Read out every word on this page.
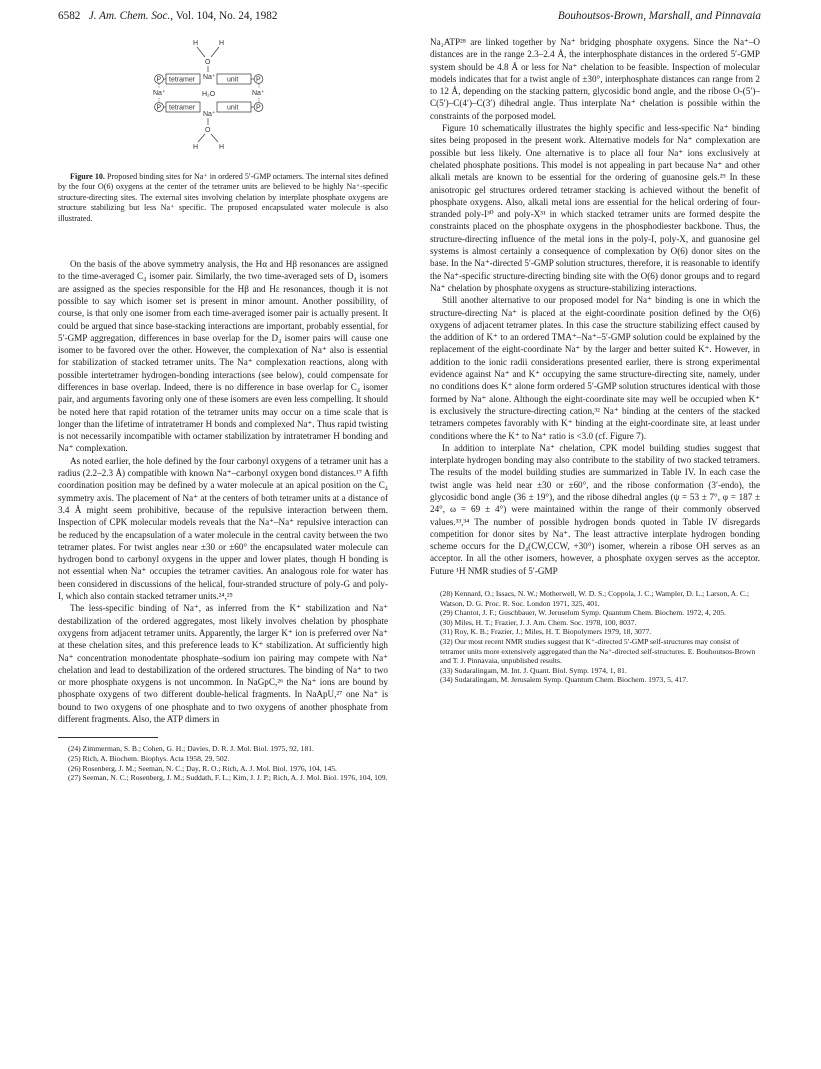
6582 J. Am. Chem. Soc., Vol. 104, No. 24, 1982	Bouhoutsos-Brown, Marshall, and Pinnavaia
H	H
O
Na⁺
P tetramer	unit	P
Na⁺	Na⁺
H₂O
P tetramer	unit	P
Na⁺
O
H	H

Figure 10. Proposed binding sites for Na⁺ in ordered 5′-GMP octamers. The internal sites defined by the four O(6) oxygens at the center of the tetramer units are believed to be highly Na⁺-specific structure-directing sites. The external sites involving chelation by interplate phosphate oxygens are structure stabilizing but less Na⁺ specific. The proposed encapsulated water molecule is also illustrated.

On the basis of the above symmetry analysis, the Hα and Hβ resonances are assigned to the time-averaged C₄ isomer pair. Similarly, the two time-averaged sets of D₄ isomers are assigned as the species responsible for the Hβ and Hε resonances, though it is not possible to say which isomer set is present in minor amount. Another possibility, of course, is that only one isomer from each time-averaged isomer pair is actually present. It could be argued that since base-stacking interactions are important, probably essential, for 5′-GMP aggregation, differences in base overlap for the D₄ isomer pairs will cause one isomer to be favored over the other. However, the complexation of Na⁺ also is essential for stabilization of stacked tetramer units. The Na⁺ complexation reactions, along with possible intertetramer hydrogen-bonding interactions (see below), could compensate for differences in base overlap. Indeed, there is no difference in base overlap for C₄ isomer pair, and arguments favoring only one of these isomers are even less compelling. It should be noted here that rapid rotation of the tetramer units may occur on a time scale that is longer than the lifetime of intratetramer H bonds and complexed Na⁺. Thus rapid twisting is not necessarily incompatible with octamer stabilization by intratetramer H bonding and Na⁺ complexation.

As noted earlier, the hole defined by the four carbonyl oxygens of a tetramer unit has a radius (2.2–2.3 Å) compatible with known Na⁺–carbonyl oxygen bond distances.¹⁷ A fifth coordination position may be defined by a water molecule at an apical position on the C₄ symmetry axis. The placement of Na⁺ at the centers of both tetramer units at a distance of 3.4 Å might seem prohibitive, because of the repulsive interaction between them. Inspection of CPK molecular models reveals that the Na⁺–Na⁺ repulsive interaction can be reduced by the encapsulation of a water molecule in the central cavity between the two tetramer plates. For twist angles near ±30 or ±60° the encapsulated water molecule can hydrogen bond to carbonyl oxygens in the upper and lower plates, though H bonding is not essential when Na⁺ occupies the tetramer cavities. An analogous role for water has been considered in discussions of the helical, four-stranded structure of poly-G and poly-I, which also contain stacked tetramer units.²⁴,²⁵

The less-specific binding of Na⁺, as inferred from the K⁺ stabilization and Na⁺ destabilization of the ordered aggregates, most likely involves chelation by phosphate oxygens from adjacent tetramer units. Apparently, the larger K⁺ ion is preferred over Na⁺ at these chelation sites, and this preference leads to K⁺ stabilization. At sufficiently high Na⁺ concentration monodentate phosphate–sodium ion pairing may compete with Na⁺ chelation and lead to destabilization of the ordered structures. The binding of Na⁺ to two or more phosphate oxygens is not uncommon. In NaGpC,²⁶ the Na⁺ ions are bound by phosphate oxygens of two different double-helical fragments. In NaApU,²⁷ one Na⁺ is bound to two oxygens of one phosphate and to two oxygens of another phosphate from different fragments. Also, the ATP dimers in

(24) Zimmerman, S. B.; Cohen, G. H.; Davies, D. R. J. Mol. Biol. 1975, 92, 181.

(25) Rich, A. Biochem. Biophys. Acta 1958, 29, 502.

(26) Rosenberg, J. M.; Seeman, N. C.; Day, R. O.; Rich, A. J. Mol. Biol. 1976, 104, 145.

(27) Seeman, N. C.; Rosenberg, J. M.; Suddath, F. L.; Kim, J. J. P.; Rich, A. J. Mol. Biol. 1976, 104, 109.

Na₂ATP²⁸ are linked together by Na⁺ bridging phosphate oxygens. Since the Na⁺–O distances are in the range 2.3–2.4 Å, the interphosphate distances in the ordered 5′-GMP system should be 4.8 Å or less for Na⁺ chelation to be feasible. Inspection of molecular models indicates that for a twist angle of ±30°, interphosphate distances can range from 2 to 12 Å, depending on the stacking pattern, glycosidic bond angle, and the ribose O-(5′)–C(5′)–C(4′)–C(3′) dihedral angle. Thus interplate Na⁺ chelation is possible within the constraints of the porposed model.

Figure 10 schematically illustrates the highly specific and less-specific Na⁺ binding sites being proposed in the present work. Alternative models for Na⁺ complexation are possible but less likely. One alternative is to place all four Na⁺ ions exclusively at chelated phosphate positions. This model is not appealing in part because Na⁺ and other alkali metals are known to be essential for the ordering of guanosine gels.²⁹ In these anisotropic gel structures ordered tetramer stacking is achieved without the benefit of phosphate oxygens. Also, alkali metal ions are essential for the helical ordering of four-stranded poly-I³⁰ and poly-X³¹ in which stacked tetramer units are formed despite the constraints placed on the phosphate oxygens in the phosphodiester backbone. Thus, the structure-directing influence of the metal ions in the poly-I, poly-X, and guanosine gel systems is almost certainly a consequence of complexation by O(6) donor sites on the base. In the Na⁺-directed 5′-GMP solution structures, therefore, it is reasonable to identify the Na⁺-specific structure-directing binding site with the O(6) donor groups and to regard Na⁺ chelation by phosphate oxygens as structure-stabilizing interactions.

Still another alternative to our proposed model for Na⁺ binding is one in which the structure-directing Na⁺ is placed at the eight-coordinate position defined by the O(6) oxygens of adjacent tetramer plates. In this case the structure stabilizing effect caused by the addition of K⁺ to an ordered TMA⁺–Na⁺–5′-GMP solution could be explained by the replacement of the eight-coordinate Na⁺ by the larger and better suited K⁺. However, in addition to the ionic radii considerations presented earlier, there is strong experimental evidence against Na⁺ and K⁺ occupying the same structure-directing site, namely, under no conditions does K⁺ alone form ordered 5′-GMP solution structures identical with those formed by Na⁺ alone. Although the eight-coordinate site may well be occupied when K⁺ is exclusively the structure-directing cation,³² Na⁺ binding at the centers of the stacked tetramers competes favorably with K⁺ binding at the eight-coordinate site, at least under conditions where the K⁺ to Na⁺ ratio is <3.0 (cf. Figure 7).

In addition to interplate Na⁺ chelation, CPK model building studies suggest that interplate hydrogen bonding may also contribute to the stability of two stacked tetramers. The results of the model building studies are summarized in Table IV. In each case the twist angle was held near ±30 or ±60°, and the ribose conformation (3′-endo), the glycosidic bond angle (36 ± 19°), and the ribose dihedral angles (ψ = 53 ± 7°, φ = 187 ± 24°, ω = 69 ± 4°) were maintained within the range of their commonly observed values.³³,³⁴ The number of possible hydrogen bonds quoted in Table IV disregards competition for donor sites by Na⁺. The least attractive interplate hydrogen bonding scheme occurs for the D₄(CW,CCW, +30°) isomer, wherein a ribose OH serves as an acceptor. In all the other isomers, however, a phosphate oxygen serves as the acceptor. Future ¹H NMR studies of 5′-GMP

(28) Kennard, O.; Issacs, N. W.; Motherwell, W. D. S.; Coppola, J. C.; Wampler, D. L.; Larson, A. C.; Watson, D. G. Proc. R. Soc. London 1971, 325, 401.

(29) Chantot, J. F.; Guschbauer, W. Jeruselum Symp. Quantum Chem. Biochem. 1972, 4, 205.

(30) Miles, H. T.; Frazier, J. J. Am. Chem. Soc. 1978, 100, 8037.

(31) Roy, K. B.; Frazier, J.; Miles, H. T. Biopolymers 1979, 18, 3077.

(32) Our most recent NMR studies suggest that K⁺-directed 5′-GMP self-structures may consist of tetramer units more extensively aggregated than the Na⁺-directed self-structures. E. Bouhoutsos-Brown and T. J. Pinnavaia, unpublished results.

(33) Sudaralingam, M. Int. J. Quant. Biol. Symp. 1974, 1, 81.

(34) Sudaralingam, M. Jerusalem Symp. Quantum Chem. Biochem. 1973, 5, 417.
